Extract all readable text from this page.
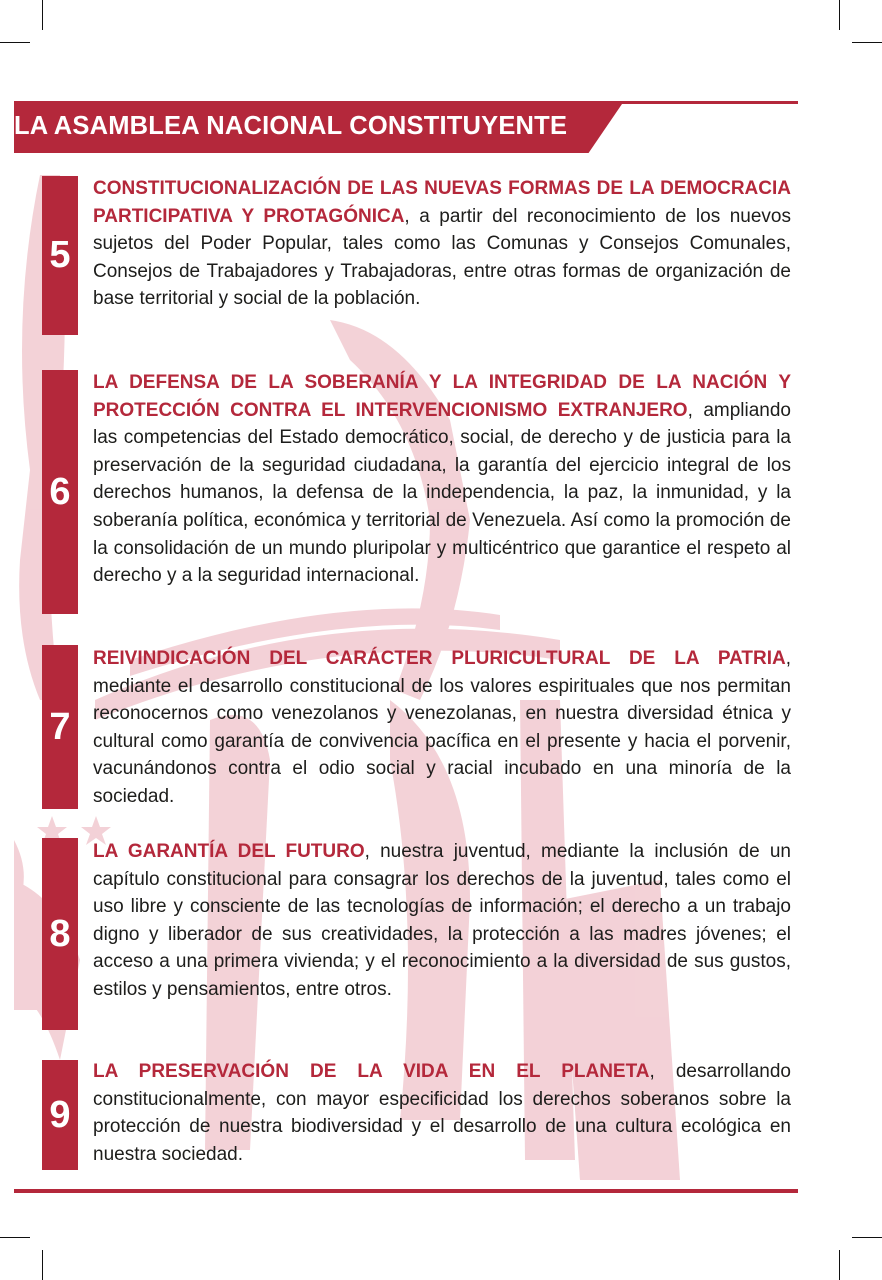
LA ASAMBLEA NACIONAL CONSTITUYENTE
5
CONSTITUCIONALIZACIÓN DE LAS NUEVAS FORMAS DE LA DEMOCRACIA PARTICIPATIVA Y PROTAGÓNICA, a partir del reconocimiento de los nuevos sujetos del Poder Popular, tales como las Comunas y Consejos Comunales, Consejos de Trabajadores y Trabajadoras, entre otras formas de organización de base territorial y social de la población.
6
LA DEFENSA DE LA SOBERANÍA Y LA INTEGRIDAD DE LA NACIÓN Y PROTECCIÓN CONTRA EL INTERVENCIONISMO EXTRANJERO, ampliando las competencias del Estado democrático, social, de derecho y de justicia para la preservación de la seguridad ciudadana, la garantía del ejercicio integral de los derechos humanos, la defensa de la independencia, la paz, la inmunidad, y la soberanía política, económica y territorial de Venezuela. Así como la promoción de la consolidación de un mundo pluripolar y multicéntrico que garantice el respeto al derecho y a la seguridad internacional.
7
REIVINDICACIÓN DEL CARÁCTER PLURICULTURAL DE LA PATRIA, mediante el desarrollo constitucional de los valores espirituales que nos permitan reconocernos como venezolanos y venezolanas, en nuestra diversidad étnica y cultural como garantía de convivencia pacífica en el presente y hacia el porvenir, vacunándonos contra el odio social y racial incubado en una minoría de la sociedad.
8
LA GARANTÍA DEL FUTURO, nuestra juventud, mediante la inclusión de un capítulo constitucional para consagrar los derechos de la juventud, tales como el uso libre y consciente de las tecnologías de información; el derecho a un trabajo digno y liberador de sus creatividades, la protección a las madres jóvenes; el acceso a una primera vivienda; y el reconocimiento a la diversidad de sus gustos, estilos y pensamientos, entre otros.
9
LA PRESERVACIÓN DE LA VIDA EN EL PLANETA, desarrollando constitucionalmente, con mayor especificidad los derechos soberanos sobre la protección de nuestra biodiversidad y el desarrollo de una cultura ecológica en nuestra sociedad.
